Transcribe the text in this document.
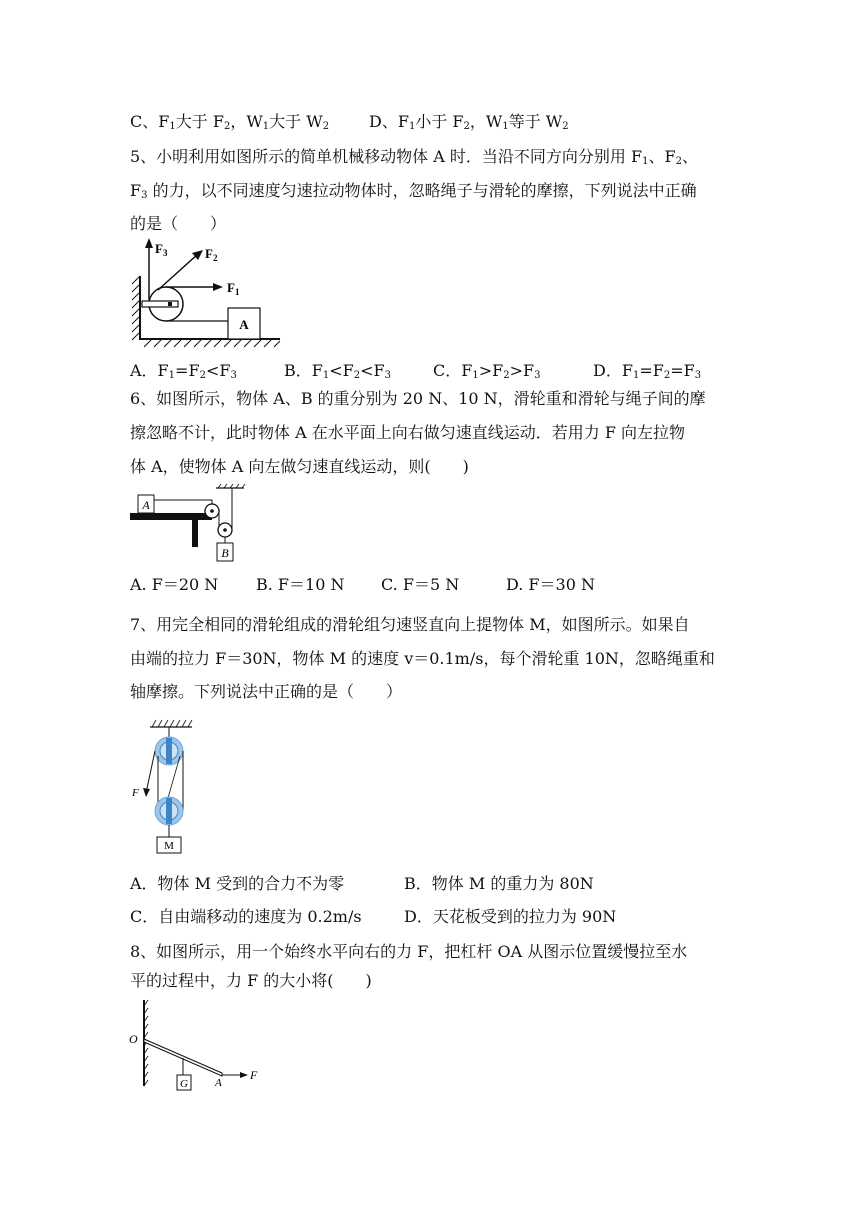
C、$F_1$大于 $F_2$，$W_1$大于 $W_2$ D、$F_1$小于 $F_2$，$W_1$等于 $W_2$
5、小明利用如图所示的简单机械移动物体 A 时．当沿不同方向分别用 $F_1$、$F_2$、
$F_3$ 的力，以不同速度匀速拉动物体时，忽略绳子与滑轮的摩擦，下列说法中正确
的是（　　）
A
$F_3$	$F_2$
$F_1$
A．$F_1=F_2<F_3$	B．$F_1<F_2<F_3$	C．$F_1>F_2>F_3$	D．$F_1=F_2=F_3$
6、如图所示，物体 A、B 的重分别为 20 N、10 N，滑轮重和滑轮与绳子间的摩
擦忽略不计，此时物体 A 在水平面上向右做匀速直线运动．若用力 F 向左拉物
体 A，使物体 A 向左做匀速直线运动，则(　　)
A
B
A. F＝20 N B. F＝10 N C. F＝5 N	D. F＝30 N
7、用完全相同的滑轮组成的滑轮组匀速竖直向上提物体 M，如图所示。如果自
由端的拉力 F＝30N，物体 M 的速度 v＝0.1m/s，每个滑轮重 10N，忽略绳重和
轴摩擦。下列说法中正确的是（　　）
F
M
A．物体 M 受到的合力不为零	B．物体 M 的重力为 80N
C．自由端移动的速度为 0.2m/s	D．天花板受到的拉力为 90N
8、如图所示，用一个始终水平向右的力 F，把杠杆 OA 从图示位置缓慢拉至水
平的过程中，力 F 的大小将(　　)
O
G A
F
